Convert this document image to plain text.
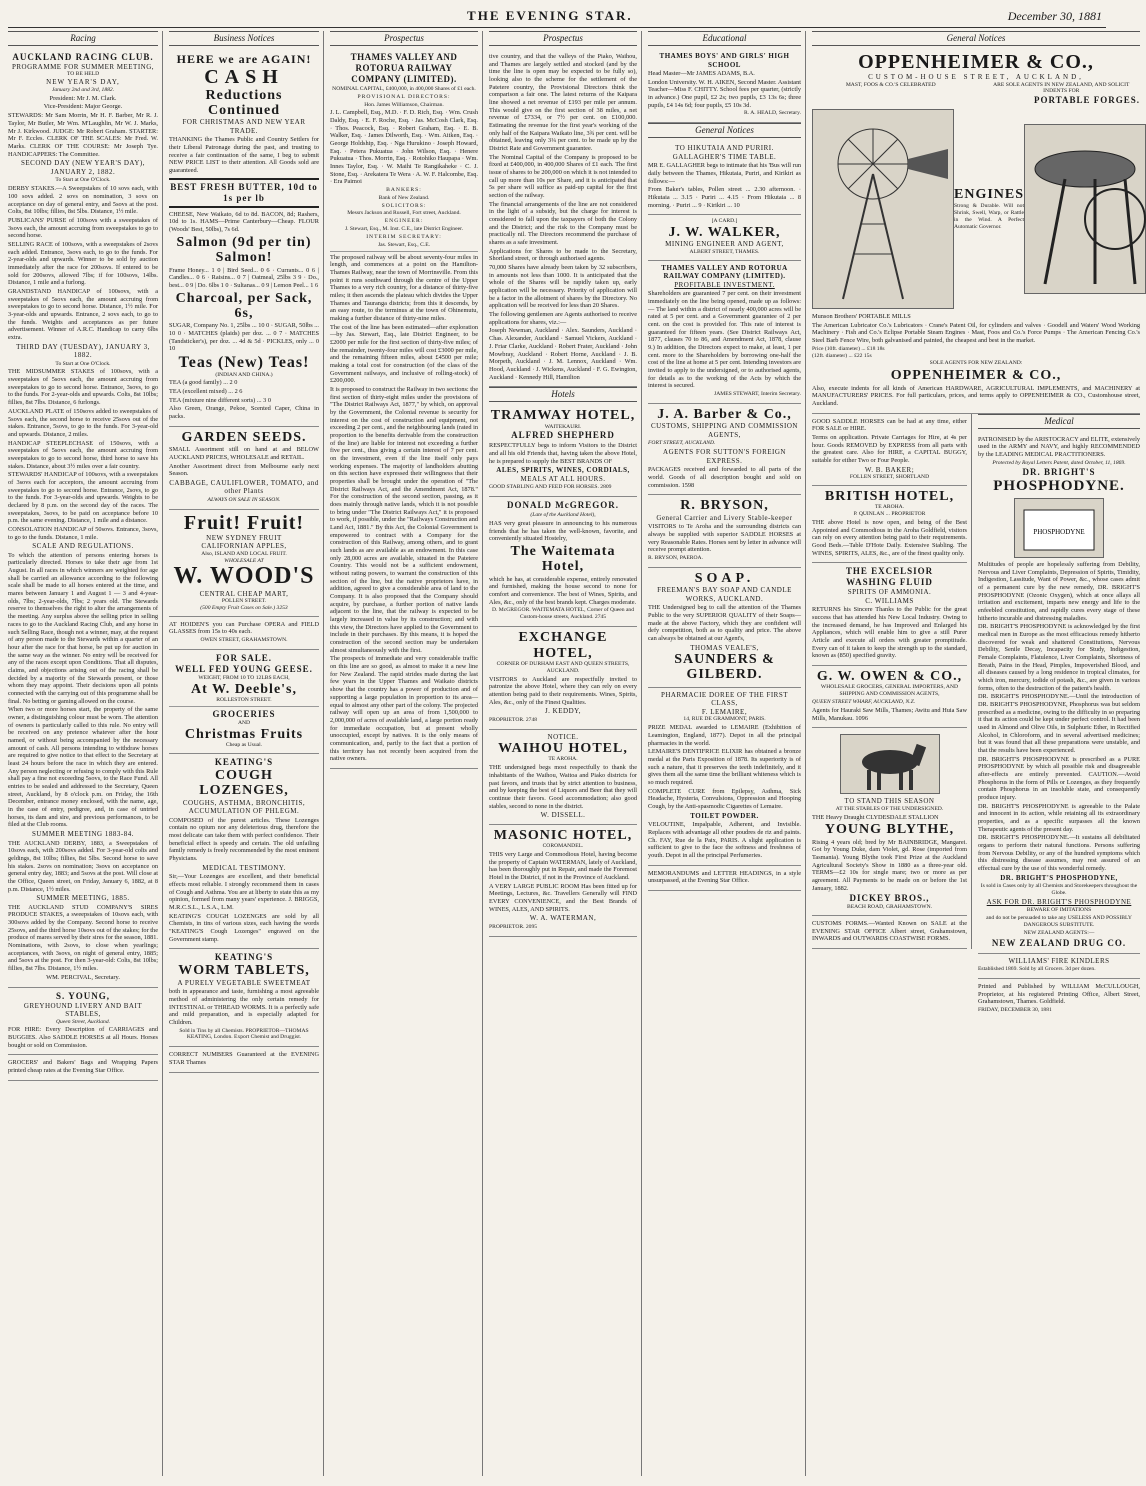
THE EVENING STAR.	December 30, 1881
Racing
AUCKLAND RACING CLUB.
PROGRAMME FOR SUMMER MEETING,
TO BE HELD
NEW YEAR'S DAY,
January 2nd and 3rd, 1882.

President: Mr J. M. Clark.

Vice-President: Major George.

STEWARDS: Mr Sam Morrin, Mr H. F. Barber, Mr R. J. Taylor, Mr Butler, Mr Wm. M'Laughlin, Mr W. J. Marks, Mr J. Kirkwood. JUDGE: Mr Robert Graham. STARTER: Mr F. Eccles. CLERK OF THE SCALES: Mr Fred. W. Marks. CLERK OF THE COURSE: Mr Joseph Tye. HANDICAPPERS: The Committee.

SECOND DAY (NEW YEAR'S DAY), JANUARY 2, 1882.

To Start at One O'Clock.

DERBY STAKES.—A Sweepstakes of 10 sovs each, with 100 sovs added. 2 sovs on nomination, 3 sovs on acceptance on day of general entry, and 5sovs at the post. Colts, 8st 10lbs; fillies, 8st 5lbs. Distance, 1½ mile.

PUBLICANS' PURSE of 100sovs with a sweepstakes of 3sovs each, the amount accruing from sweepstakes to go to second horse.

SELLING RACE of 100sovs, with a sweepstakes of 2sovs each added. Entrance, 3sovs each, to go to the funds. For 2-year-olds and upwards. Winner to be sold by auction immediately after the race for 200sovs. If entered to be sold for 200sovs, allowed 7lbs; if for 100sovs, 14lbs. Distance, 1 mile and a furlong.

GRANDSTAND HANDICAP of 100sovs, with a sweepstakes of 5sovs each, the amount accruing from sweepstakes to go to second horse. Distance, 1½ mile. For 3-year-olds and upwards. Entrance, 2 sovs each, to go to the funds. Weights and acceptances as per future advertisement. Winner of A.R.C. Handicap to carry 6lbs extra.

THIRD DAY (TUESDAY), JANUARY 3, 1882.

To Start at One O'Clock.

THE MIDSUMMER STAKES of 100sovs, with a sweepstakes of 5sovs each, the amount accruing from sweepstakes to go to second horse. Entrance, 3sovs, to go to the funds. For 2-year-olds and upwards. Colts, 8st 10lbs; fillies, 8st 7lbs. Distance, 6 furlongs.

AUCKLAND PLATE of 150sovs added to sweepstakes of 5sovs each, the second horse to receive 25sovs out of the stakes. Entrance, 5sovs, to go to the funds. For 3-year-old and upwards. Distance, 2 miles.

HANDICAP STEEPLECHASE of 150sovs, with a sweepstakes of 5sovs each, the amount accruing from sweepstakes to go to second horse, third horse to save his stakes. Distance, about 3½ miles over a fair country.

STEWARDS' HANDICAP of 100sovs, with a sweepstakes of 3sovs each for acceptors, the amount accruing from sweepstakes to go to second horse. Entrance, 2sovs, to go to the funds. For 3-year-olds and upwards. Weights to be declared by 8 p.m. on the second day of the races. The sweepstakes, 3sovs, to be paid on acceptance before 10 p.m. the same evening. Distance, 1 mile and a distance.

CONSOLATION HANDICAP of 50sovs. Entrance, 3sovs, to go to the funds. Distance, 1 mile.

SCALE AND REGULATIONS.

To which the attention of persons entering horses is particularly directed. Horses to take their age from 1st August. In all races in which winners are weighted for age shall be carried an allowance according to the following scale shall be made to all horses entered at the time, and mares between January 1 and August 1 — 3 and 4-year-olds, 7lbs; 2-year-olds, 7lbs; 2 years old. The Stewards reserve to themselves the right to alter the arrangements of the meeting. Any surplus above the selling price in selling races to go to the Auckland Racing Club, and any horse in such Selling Race, though not a winner, may, at the request of any person made to the Stewards within a quarter of an hour after the race for that horse, be put up for auction in the same way as the winner. No entry will be received for any of the races except upon Conditions. That all disputes, claims, and objections arising out of the racing shall be decided by a majority of the Stewards present, or those whom they may appoint. Their decisions upon all points connected with the carrying out of this programme shall be final. No betting or gaming allowed on the course.

When two or more horses start, the property of the same owner, a distinguishing colour must be worn. The attention of owners is particularly called to this rule. No entry will be received on any pretence whatever after the hour named, or without being accompanied by the necessary amount of cash. All persons intending to withdraw horses are required to give notice to that effect to the Secretary at least 24 hours before the race in which they are entered. Any person neglecting or refusing to comply with this Rule shall pay a fine not exceeding 5sovs, to the Race Fund. All entries to be sealed and addressed to the Secretary, Queen street, Auckland, by 8 o'clock p.m. on Friday, the 16th December, entrance money enclosed, with the name, age, in the case of entry, pedigree, and, in case of untried horses, its dam and sire, and previous performances, to be filed at the Club rooms.

SUMMER MEETING 1883-84.

THE AUCKLAND DERBY, 1883, a Sweepstakes of 10sovs each, with 200sovs added. For 3-year-old colts and geldings, 8st 10lbs; fillies, 8st 5lbs. Second horse to save his stakes. 2sovs on nomination; 3sovs on acceptance on general entry day, 1883; and 5sovs at the post. Will close at the Office, Queen street, on Friday, January 6, 1882, at 8 p.m. Distance, 1½ miles.

SUMMER MEETING, 1885.

THE AUCKLAND STUD COMPANY'S SIRES PRODUCE STAKES, a sweepstakes of 10sovs each, with 300sovs added by the Company. Second horse to receive 25sovs, and the third horse 10sovs out of the stakes; for the produce of mares served by their sires for the season, 1881. Nominations, with 2sovs, to close when yearlings; acceptances, with 3sovs, on night of general entry, 1885; and 5sovs at the post. For then 3-year-old: Colts, 8st 10lbs; fillies, 8st 7lbs. Distance, 1½ miles.

WM. PERCIVAL, Secretary.

S. YOUNG,
GREYHOUND LIVERY AND BAIT STABLES,
Queen Street, Auckland.

FOR HIRE: Every Description of CARRIAGES and BUGGIES. Also SADDLE HORSES at all Hours. Horses bought or sold on Commission.

GROCERS' and Bakers' Bags and Wrapping Papers printed cheap rates at the Evening Star Office.

Business Notices
HERE we are AGAIN!
CASH
Reductions Continued
FOR CHRISTMAS AND NEW YEAR TRADE.

THANKING the Thames Public and Country Settlers for their Liberal Patronage during the past, and trusting to receive a fair continuation of the same, I beg to submit NEW PRICE LIST to their attention. All Goods sold are guaranteed.

BEST FRESH BUTTER, 10d to 1s per lb

CHEESE, New Waikato, 6d to 8d. BACON, 8d; Rashers, 10d to 1s. HAMS—Prime Canterbury—Cheap. FLOUR (Woods' Best, 50lbs), 7s 6d.

Salmon (9d per tin) Salmon!

Frame Honey... 1 0 | Bird Seed... 0 6 · Currants... 0 6 | Candles... 0 6 · Raisins... 0 7 | Oatmeal, 25lbs 3 9 · Do., best... 0 9 | Do. 6lbs 1 0 · Sultanas... 0 9 | Lemon Peel... 1 6

Charcoal, per Sack, 6s,

SUGAR, Company No. 1, 25lbs ... 10 0 · SUGAR, 50lbs ... 10 0 · MATCHES (plaids) per doz. ... 0 7 · MATCHES (Tandsticker's), per doz. ... 4d & 5d · PICKLES, only ... 0 10

Teas (New) Teas!
(INDIAN AND CHINA.)

TEA (a good family) ... 2 0

TEA (excellent mixed) ... 2 6

TEA (mixture nine different sorts) ... 3 0

Also Green, Orange, Pekoe, Scented Caper, China in packs.

GARDEN SEEDS.

SMALL Assortment still on hand at and BELOW AUCKLAND PRICES, WHOLESALE and RETAIL.

Another Assortment direct from Melbourne early next Season.

CABBAGE, CAULIFLOWER, TOMATO, and other Plants

ALWAYS ON SALE IN SEASON.

Fruit! Fruit!
NEW SYDNEY FRUIT
CALIFORNIAN APPLES,
Also, ISLAND AND LOCAL FRUIT.
WHOLESALE AT
W. WOOD'S
CENTRAL CHEAP MART,
POLLEN STREET.
(500 Empty Fruit Cases on Sale.) 3253

AT HOIDEN'S you can Purchase OPERA and FIELD GLASSES from 15s to 40s each.

OWEN STREET, GRAHAMSTOWN.

FOR SALE.
WELL FED YOUNG GEESE.
WEIGHT, FROM 10 TO 12LBS EACH,
At W. Deeble's,
ROLLESTON STREET.
GROCERIES
AND
Christmas Fruits
Cheap as Usual.
KEATING'S
COUGH LOZENGES,
COUGHS, ASTHMA, BRONCHITIS,
ACCUMULATION OF PHLEGM.

COMPOSED of the purest articles. These Lozenges contain no opium nor any deleterious drug, therefore the most delicate can take them with perfect confidence. Their beneficial effect is speedy and certain. The old unfailing family remedy is freely recommended by the most eminent Physicians.

MEDICAL TESTIMONY.

Sir,—Your Lozenges are excellent, and their beneficial effects most reliable. I strongly recommend them in cases of Cough and Asthma. You are at liberty to state this as my opinion, formed from many years' experience. J. BRIGGS, M.R.C.S.L., L.S.A., L.M.

KEATING'S COUGH LOZENGES are sold by all Chemists, in tins of various sizes, each having the words "KEATING'S Cough Lozenges" engraved on the Government stamp.

KEATING'S
WORM TABLETS,
A PURELY VEGETABLE SWEETMEAT

both in appearance and taste, furnishing a most agreeable method of administering the only certain remedy for INTESTINAL or THREAD WORMS. It is a perfectly safe and mild preparation, and is especially adapted for Children.

Sold in Tins by all Chemists. PROPRIETOR—THOMAS KEATING, London. Export Chemist and Druggist.

CORRECT NUMBERS Guaranteed at the EVENING STAR Thames

Prospectus
THAMES VALLEY AND ROTORUA RAILWAY COMPANY (LIMITED).

NOMINAL CAPITAL, £400,000, in 400,000 Shares of £1 each.

PROVISIONAL DIRECTORS:

Hon. James Williamson, Chairman.

J. L. Campbell, Esq., M.D. · F. D. Rich, Esq. · Wm. Crush Daldy, Esq. · E. F. Roche, Esq. · Jas. McCosh Clark, Esq. · Thos. Peacock, Esq. · Robert Graham, Esq. · E. B. Walker, Esq. · James Dilworth, Esq. · Wm. Aitken, Esq. · George Holdship, Esq. · Nga Hurukino · Joseph Howard, Esq. · Petera Pukuatua · John Wilson, Esq. · Henere Pukuatua · Thos. Morrin, Esq. · Rotohiko Haupapa · Wm. Innes Taylor, Esq. · W. Maihi Te Rangikaheke · C. J. Stone, Esq. · Arekatera Te Wera · A. W. F. Halcombe, Esq. · Era Paimoi

BANKERS:

Bank of New Zealand.

SOLICITORS:

Messrs Jackson and Russell, Fort street, Auckland.

ENGINEER:

J. Stewart, Esq., M. Inst. C.E., late District Engineer.

INTERIM SECRETARY:

Jas. Stewart, Esq., C.E.

The proposed railway will be about seventy-four miles in length, and commences at a point on the Hamilton-Thames Railway, near the town of Morrinsville. From this point it runs southward through the centre of the Upper Thames to a very rich country, for a distance of thirty-five miles; it then ascends the plateau which divides the Upper Thames and Tauranga districts; from this it descends, by an easy route, to the terminus at the town of Ohinemutu, making a further distance of thirty-nine miles.

The cost of the line has been estimated—after exploration—by Jas. Stewart, Esq., late District Engineer, to be £2000 per mile for the first section of thirty-five miles; of the remainder, twenty-four miles will cost £3000 per mile, and the remaining fifteen miles, about £4500 per mile; making a total cost for construction (of the class of the Government railways, and inclusive of rolling-stock) of £200,000.

It is proposed to construct the Railway in two sections: the first section of thirty-eight miles under the provisions of "The District Railways Act, 1877," by which, on approval by the Government, the Colonial revenue is security for interest on the cost of construction and equipment, not exceeding 2 per cent., and the neighbouring lands (rated in proportion to the benefits derivable from the construction of the line) are liable for interest not exceeding a further five per cent., thus giving a certain interest of 7 per cent. on the investment, even if the line itself only pays working expenses. The majority of landholders abutting on this section have expressed their willingness that their properties shall be brought under the operation of "The District Railways Act, and the Amendment Act, 1878." For the construction of the second section, passing, as it does mainly through native lands, which it is not possible to bring under "The District Railways Act," it is proposed to work, if possible, under the "Railways Construction and Land Act, 1881." By this Act, the Colonial Government is empowered to contract with a Company for the construction of this Railway, among others, and to grant such lands as are available as an endowment. In this case only 28,000 acres are available, situated in the Patetere Country. This would not be a sufficient endowment, without rating powers, to warrant the construction of this section of the line, but the native proprietors have, in addition, agreed to give a considerable area of land to the Company. It is also proposed that the Company should acquire, by purchase, a further portion of native lands adjacent to the line, that the railway is expected to be largely increased in value by its construction; and with this view, the Directors have applied to the Government to include in their purchases. By this means, it is hoped the construction of the second section may be undertaken almost simultaneously with the first.

The prospects of immediate and very considerable traffic on this line are so good, as almost to make it a new line for New Zealand. The rapid strides made during the last few years in the Upper Thames and Waikato districts show that the country has a power of production and of supporting a large population in proportion to its area—equal to almost any other part of the colony. The projected railway will open up an area of from 1,500,000 to 2,000,000 of acres of available land, a large portion ready for immediate occupation, but at present wholly unoccupied, except by natives. It is the only means of communication, and, partly to the fact that a portion of this territory has not recently been acquired from the native owners.

Prospectus

tive country, and that the valleys of the Piako, Waihou, and Thames are largely settled and stocked (and by the time the line is open may be expected to be fully so), looking also to the scheme for the settlement of the Patetere country, the Provisional Directors think the comparison a fair one. The latest returns of the Kaipara line showed a net revenue of £193 per mile per annum. This would give on the first section of 38 miles, a net revenue of £7334, or 7½ per cent. on £100,000. Estimating the revenue for the first year's working of the only half of the Kaipara Waikato line, 3¾ per cent. will be obtained, leaving only 3¼ per cent. to be made up by the District Rate and Government guarantee.

The Nominal Capital of the Company is proposed to be fixed at £400,000, in 400,000 Shares of £1 each. The first issue of shares to be 200,000 on which it is not intended to call up more than 10s per Share, and it is anticipated that 5s per share will suffice as paid-up capital for the first section of the railway.

The financial arrangements of the line are not considered in the light of a subsidy, but the charge for interest is considered to fall upon the taxpayers of both the Colony and the District; and the risk to the Company must be practically nil. The Directors recommend the purchase of shares as a safe investment.

Applications for Shares to be made to the Secretary, Shortland street, or through authorised agents.

70,000 Shares have already been taken by 32 subscribers, in amounts not less than 1000. It is anticipated that the whole of the Shares will be rapidly taken up, early application will be necessary. Priority of application will be a factor in the allotment of shares by the Directory. No application will be received for less than 20 Shares.

The following gentlemen are Agents authorised to receive applications for shares, viz.:—

Joseph Newman, Auckland · Alex. Saunders, Auckland · Chas. Alexander, Auckland · Samuel Vickers, Auckland · J. Friar Clarke, Auckland · Robert Frater, Auckland · John Mowbray, Auckland · Robert Horne, Auckland · J. B. Morpeth, Auckland · J. M. Lennox, Auckland · Wm. Hood, Auckland · J. Wickens, Auckland · F. G. Ewington, Auckland · Kennedy Hill, Hamilton

Hotels
TRAMWAY HOTEL,
WAITEKAURI.
ALFRED SHEPHERD

RESPECTFULLY begs to inform Visitors to the District and all his old Friends that, having taken the above Hotel, he is prepared to supply the BEST BRANDS OF

ALES, SPIRITS, WINES, CORDIALS,
MEALS AT ALL HOURS.

GOOD STABLING AND FEED FOR HORSES. 2809

DONALD McGREGOR.

(Late of the Auckland Hotel),

HAS very great pleasure in announcing to his numerous friends that he has taken the well-known, favorite, and conveniently situated Hostelry,

The Waitemata Hotel,

which he has, at considerable expense, entirely renovated and furnished, making the house second to none for comfort and convenience. The best of Wines, Spirits, and Ales, &c., only of the best brands kept. Charges moderate.

D. McGREGOR. WAITEMATA HOTEL, Corner of Queen and Custom-house streets, Auckland. 2745

EXCHANGE HOTEL,
CORNER OF DURHAM EAST AND QUEEN STREETS, AUCKLAND.

VISITORS to Auckland are respectfully invited to patronize the above Hotel, where they can rely on every attention being paid to their requirements. Wines, Spirits, Ales, &c., only of the Finest Qualities.

J. KEDDY,

PROPRIETOR. 2748

NOTICE.
WAIHOU HOTEL,
TE AROHA.

THE undersigned begs most respectfully to thank the inhabitants of the Waihou, Waitoa and Piako districts for past favors, and trusts that by strict attention to business, and by keeping the best of Liquors and Beer that they will continue their favors. Good accommodation; also good stables, second to none in the district.

W. DISSELL.
MASONIC HOTEL,
COROMANDEL.

THIS very Large and Commodious Hotel, having become the property of Captain WATERMAN, lately of Auckland, has been thoroughly put in Repair, and made the Foremost Hotel in the District, if not in the Province of Auckland.

A VERY LARGE PUBLIC ROOM Has been fitted up for Meetings, Lectures, &c. Travellers Generally will FIND EVERY CONVENIENCE, and the Best Brands of WINES, ALES, AND SPIRITS.

W. A. WATERMAN,

PROPRIETOR. 2095

Educational
THAMES BOYS' AND GIRLS' HIGH SCHOOL

Head Master—Mr JAMES ADAMS, B.A.

London University. W. H. AIKEN, Second Master. Assistant Teacher—Miss F. CHITTY. School fees per quarter, (strictly in advance.) One pupil, £2 2s; two pupils, £3 13s 6s; three pupils, £4 14s 6d; four pupils, £5 10s 3d.

R. A. HEALD, Secretary.

General Notices
TO HIKUTAIA AND PURIRI.
GALLAGHER'S TIME TABLE.

MR E. GALLAGHER begs to intimate that his 'Bus will run daily between the Thames, Hikutaia, Puriri, and Kirikiri as follows:—

From Baker's tables, Pollen street ... 2.30 afternoon. · Hikutaia ... 3.15 · Puriri ... 4.15 · From Hikutaia ... 8 morning. · Puriri ... 9 · Kirikiri ... 10

[A CARD.]
J. W. WALKER,
MINING ENGINEER AND AGENT,
ALBERT STREET, THAMES.
THAMES VALLEY AND ROTORUA RAILWAY COMPANY (LIMITED).
PROFITABLE INVESTMENT.

Shareholders are guaranteed 7 per cent. on their investment immediately on the line being opened, made up as follows:— The land within a district of nearly 400,000 acres will be rated at 5 per cent. and a Government guarantee of 2 per cent. on the cost is provided for. This rate of interest is guaranteed for fifteen years. (See District Railways Act, 1877, clauses 70 to 86, and Amendment Act, 1878, clause 9.) In addition, the Directors expect to make, at least, 1 per cent. more to the Shareholders by borrowing one-half the cost of the line at home at 5 per cent. Intending investors are invited to apply to the undersigned, or to authorised agents, for details as to the working of the Acts by which the interest is secured.

JAMES STEWART, Interim Secretary.

J. A. Barber & Co.,
CUSTOMS, SHIPPING AND COMMISSION AGENTS,

FORT STREET, AUCKLAND.

AGENTS FOR SUTTON'S FOREIGN EXPRESS.

PACKAGES received and forwarded to all parts of the world. Goods of all description bought and sold on commission. 1598

R. BRYSON,
General Carrier and Livery Stable-keeper

VISITORS to Te Aroha and the surrounding districts can always be supplied with superior SADDLE HORSES at very Reasonable Rates. Horses sent by letter in advance will receive prompt attention.

R. BRYSON, PAEROA.

SOAP.
FREEMAN'S BAY SOAP AND CANDLE WORKS, AUCKLAND.

THE Undersigned beg to call the attention of the Thames Public to the very SUPERIOR QUALITY of their Soaps—made at the above Factory, which they are confident will defy competition, both as to quality and price. The above can always be obtained at our Agent's,

THOMAS VEALE'S,
SAUNDERS & GILBERD.
PHARMACIE DOREE OF THE FIRST CLASS,
F. LEMAIRE,
14, RUE DE GRAMMONT, PARIS.

PRIZE MEDAL awarded to LEMAIRE (Exhibition of Leamington, England, 1877). Depot in all the principal pharmacies in the world.

LEMAIRE'S DENTIFRICE ELIXIR has obtained a bronze medal at the Paris Exposition of 1878. Its superiority is of such a nature, that it preserves the teeth indefinitely, and it gives them all the same time the brilliant whiteness which is so much required.

COMPLETE CURE from Epilepsy, Asthma, Sick Headache, Hysteria, Convulsions, Oppression and Hooping Cough, by the Anti-spasmodic Cigarettes of Lemaire.

TOILET POWDER.

VELOUTINE, Impalpable, Adherent, and Invisible. Replaces with advantage all other poudres de riz and paints. Ch. FAY, Rue de la Paix, PARIS. A slight application is sufficient to give to the face the softness and freshness of youth. Depot in all the principal Perfumeries.

MEMORANDUMS and LETTER HEADINGS, in a style unsurpassed, at the Evening Star Office.

General Notices
OPPENHEIMER & CO.,
CUSTOM-HOUSE STREET, AUCKLAND,
MAST, FOOS & CO.'S CELEBRATED	ARE SOLE AGENTS IN NEW ZEALAND, AND SOLICIT INDENTS FOR
PORTABLE FORGES.
ENGINES

Strong & Durable. Will not Shrink, Swell, Warp, or Rattle in the Wind. A Perfect Automatic Governor.

Munson Brothers' PORTABLE MILLS

The American Lubricator Co.'s Lubricators · Crane's Patent Oil, for cylinders and valves · Goodell and Waters' Wood Working Machinery · Fish and Co.'s Eclipse Portable Steam Engines · Mast, Foos and Co.'s Force Pumps · The American Fencing Co.'s Steel Barb Fence Wire, both galvanised and painted, the cheapest and best in the market.

Price (10ft. diameter) ... £18 18s
(12ft. diameter) ... £22 15s

SOLE AGENTS FOR NEW ZEALAND:

OPPENHEIMER & CO.,

Also, execute indents for all kinds of American HARDWARE, AGRICULTURAL IMPLEMENTS, and MACHINERY at MANUFACTURERS' PRICES. For full particulars, prices, and terms apply to OPPENHEIMER & CO., Customhouse street, Auckland.

GOOD SADDLE HORSES can be had at any time, either FOR SALE or HIRE.

Terms on application. Private Carriages for Hire, at 4s per hour. Goods REMOVED by EXPRESS from all parts with the greatest care. Also for HIRE, a CAPITAL BUGGY, suitable for either Two or Four People.

W. B. BAKER;
FOLLEN STREET, SHORTLAND
BRITISH HOTEL,
TE AROHA.
P. QUINLAN ... PROPRIETOR

THE above Hotel is now open, and being of the Best Appointed and Commodious in the Aroha Goldfield, visitors can rely on every attention being paid to their requirements. Good Beds.—Table D'Hote Daily. Extensive Stabling. The WINES, SPIRITS, ALES, &c., are of the finest quality only.

THE EXCELSIOR
WASHING FLUID
SPIRITS OF AMMONIA.
C. WILLIAMS

RETURNS his Sincere Thanks to the Public for the great success that has attended his New Local Industry. Owing to the increased demand, he has Improved and Enlarged his Appliances, which will enable him to give a still Purer Article and execute all orders with greater promptitude. Every can of it taken to keep the strength up to the standard, known as (850) specified gravity.

G. W. OWEN & CO.,
WHOLESALE GROCERS, GENERAL IMPORTERS, AND SHIPPING AND COMMISSION AGENTS,

QUEEN STREET WHARF, AUCKLAND, N.Z.

Agents for Hauraki Saw Mills, Thames; Awitu and Huia Saw Mills, Manukau. 1096

TO STAND THIS SEASON
AT THE STABLES OF THE UNDERSIGNED.

THE Heavy Draught CLYDESDALE STALLION

YOUNG BLYTHE,

Rising 4 years old; bred by Mr BAINBRIDGE, Mangarei. Got by Young Duke, dam Violet, gd. Rose (imported from Tasmania). Young Blythe took First Prize at the Auckland Agricultural Society's Show in 1880 as a three-year old. TERMS—£2 10s for single mare; two or more as per agreement. All Payments to be made on or before the 1st January, 1882.

DICKEY BROS.,
BEACH ROAD, GRAHAMSTOWN.

CUSTOMS FORMS.—Wanted Known on SALE at the EVENING STAR OFFICE Albert street, Grahamstown, INWARDS and OUTWARDS COASTWISE FORMS.

Medical

PATRONISED by the ARISTOCRACY and ELITE, extensively used in the ARMY and NAVY, and highly RECOMMENDED by the LEADING MEDICAL PRACTITIONERS.

Protected by Royal Letters Patent, dated October, 11, 1869.

DR. BRIGHT'S
PHOSPHODYNE.
PHOSPHODYNE

Multitudes of people are hopelessly suffering from Debility, Nervous and Liver Complaints, Depression of Spirits, Timidity, Indigestion, Lassitude, Want of Power, &c., whose cases admit of a permanent cure by the new remedy, DR. BRIGHT'S PHOSPHODYNE (Ozonic Oxygen), which at once allays all irritation and excitement, imparts new energy and life to the enfeebled constitution, and rapidly cures every stage of these hitherto incurable and distressing maladies.

DR. BRIGHT'S PHOSPHODYNE is acknowledged by the first medical men in Europe as the most efficacious remedy hitherto discovered for weak and shattered Constitutions, Nervous Debility, Senile Decay, Incapacity for Study, Indigestion, Female Complaints, Flatulence, Liver Complaints, Shortness of Breath, Pains in the Head, Pimples, Impoverished Blood, and all diseases caused by a long residence in tropical climates, for which iron, mercury, iodide of potash, &c., are given in various forms, often to the destruction of the patient's health.

DR. BRIGHT'S PHOSPHODYNE.—Until the introduction of DR. BRIGHT'S PHOSPHODYNE, Phosphorus was but seldom prescribed as a medicine, owing to the difficulty in so preparing it that its action could be kept under perfect control. It had been used in Almond and Olive Oils, in Sulphuric Ether, in Rectified Alcohol, in Chloroform, and in several advertised medicines; but it was found that all these preparations were unstable, and that the results have been experienced.

DR. BRIGHT'S PHOSPHODYNE is prescribed as a PURE PHOSPHODYNE by which all possible risk and disagreeable after-effects are entirely prevented. CAUTION.—Avoid Phosphorus in the form of Pills or Lozenges, as they frequently contain Phosphorus in an insoluble state, and consequently produce injury.

DR. BRIGHT'S PHOSPHODYNE is agreeable to the Palate and innocent in its action, while retaining all its extraordinary properties, and as a specific surpasses all the known Therapeutic agents of the present day.

DR. BRIGHT'S PHOSPHODYNE.—It sustains all debilitated organs to perform their natural functions. Persons suffering from Nervous Debility, or any of the hundred symptoms which this distressing disease assumes, may rest assured of an effectual cure by the use of this wonderful remedy.

DR. BRIGHT'S PHOSPHODYNE,

Is sold in Cases only by all Chemists and Storekeepers throughout the Globe.

ASK FOR DR. BRIGHT'S PHOSPHODYNE

BEWARE OF IMITATIONS

and do not be persuaded to take any USELESS AND POSSIBLY DANGEROUS SUBSTITUTE.

NEW ZEALAND AGENTS:—

NEW ZEALAND DRUG CO.
WILLIAMS' FIRE KINDLERS

Established 1869. Sold by all Grocers. 3d per dozen.

Printed and Published by WILLIAM McCULLOUGH, Proprietor, at his registered Printing Office, Albert Street, Grahamstown, Thames. Goldfield.

FRIDAY, DECEMBER 30, 1881
